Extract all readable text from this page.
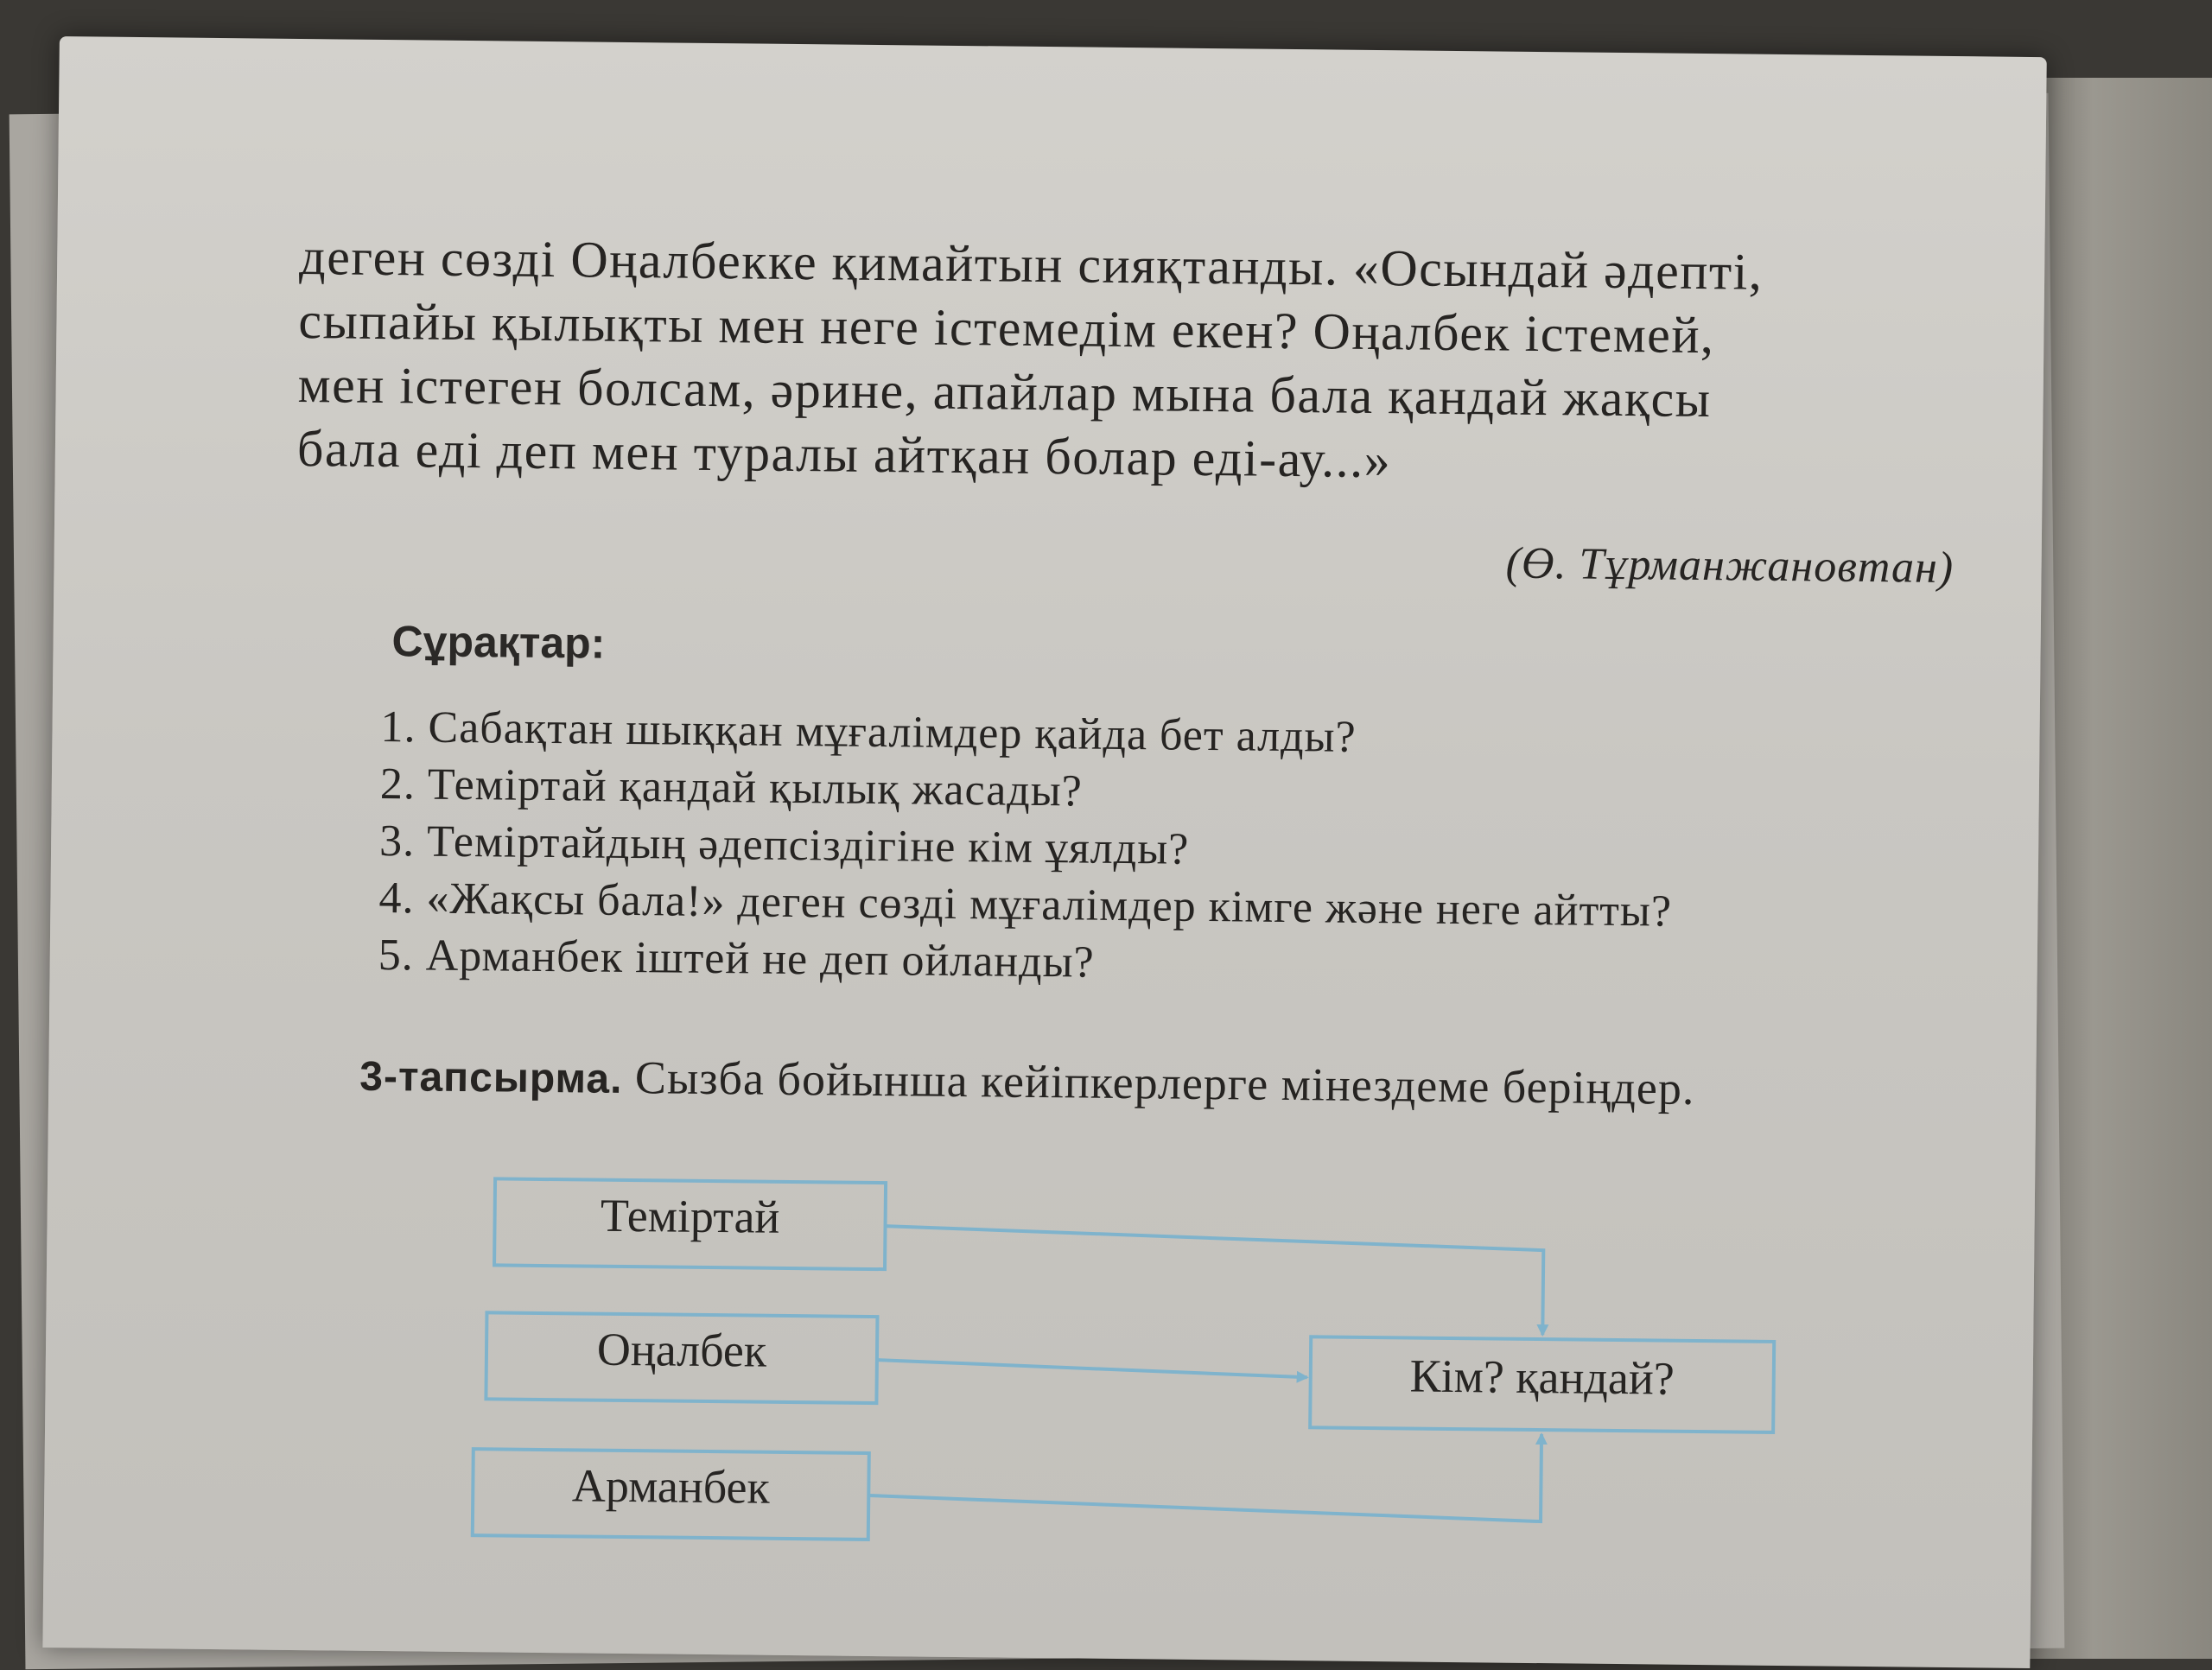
деген сөзді Оңалбекке қимайтын сияқтанды. «Осындай әдепті,
сыпайы қылықты мен неге істемедім екен? Оңалбек істемей,
мен істеген болсам, әрине, апайлар мына бала қандай жақсы
бала еді деп мен туралы айтқан болар еді-ау...»
(Ө. Тұрманжановтан)
Сұрақтар:
1. Сабақтан шыққан мұғалімдер қайда бет алды?
2. Теміртай қандай қылық жасады?
3. Теміртайдың әдепсіздігіне кім ұялды?
4. «Жақсы бала!» деген сөзді мұғалімдер кімге және неге айтты?
5. Арманбек іштей не деп ойланды?
3-тапсырма. Сызба бойынша кейіпкерлерге мінездеме беріңдер.
Теміртай
Оңалбек
Арманбек
Кім? қандай?
